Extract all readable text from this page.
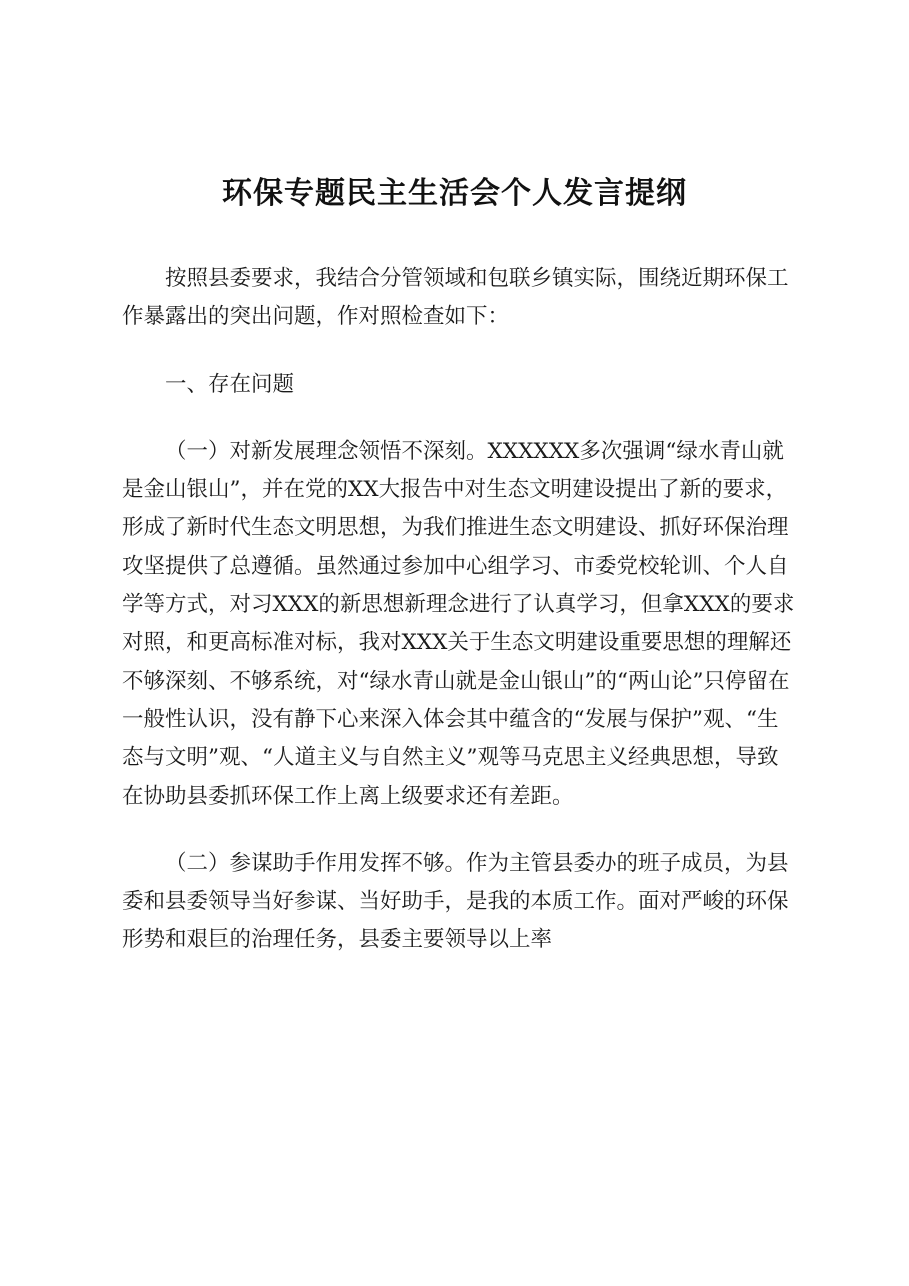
环保专题民主生活会个人发言提纲

按照县委要求，我结合分管领域和包联乡镇实际，围绕近期环保工作暴露出的突出问题，作对照检查如下：

一、存在问题

（一）对新发展理念领悟不深刻。XXXXXX多次强调“绿水青山就是金山银山”，并在党的XX大报告中对生态文明建设提出了新的要求，形成了新时代生态文明思想，为我们推进生态文明建设、抓好环保治理攻坚提供了总遵循。虽然通过参加中心组学习、市委党校轮训、个人自学等方式，对习XXX的新思想新理念进行了认真学习，但拿XXX的要求对照，和更高标准对标，我对XXX关于生态文明建设重要思想的理解还不够深刻、不够系统，对“绿水青山就是金山银山”的“两山论”只停留在一般性认识，没有静下心来深入体会其中蕴含的“发展与保护”观、“生态与文明”观、“人道主义与自然主义”观等马克思主义经典思想，导致在协助县委抓环保工作上离上级要求还有差距。

（二）参谋助手作用发挥不够。作为主管县委办的班子成员，为县委和县委领导当好参谋、当好助手，是我的本质工作。面对严峻的环保形势和艰巨的治理任务，县委主要领导以上率
